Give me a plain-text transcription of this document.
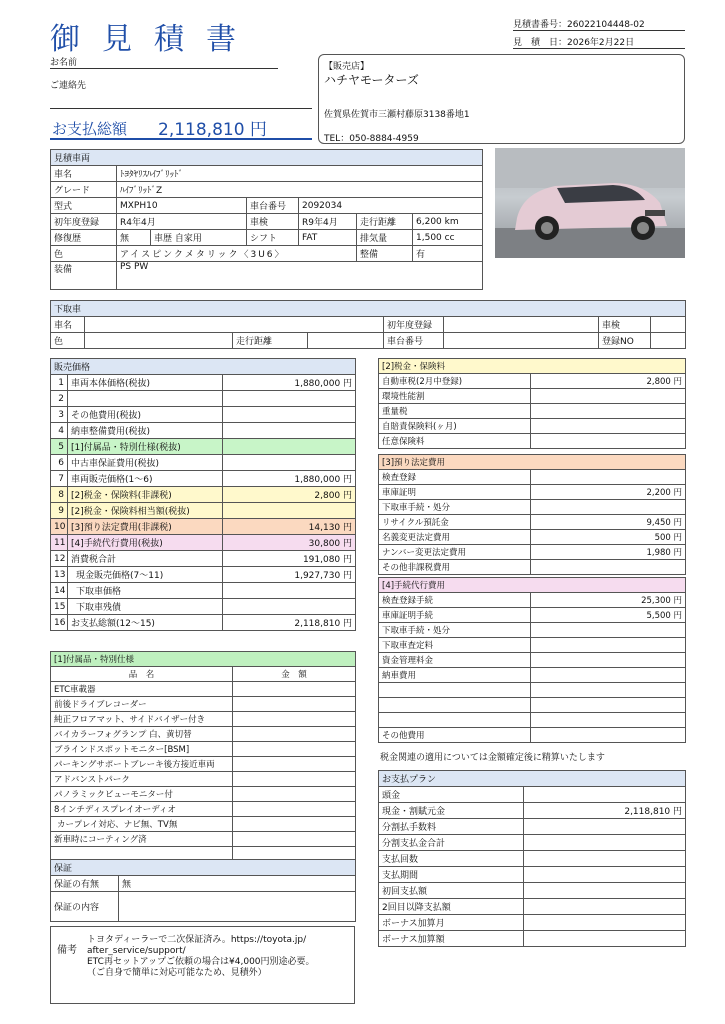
御見積書	見積書番号：26022104448-02
見　積　日：2026年2月22日
お名前
ご連絡先
お支払総額 2,118,810 円
【販売店】
ハチヤモーターズ
佐賀県佐賀市三瀬村藤原3138番地1
TEL：050-8884-4959
見積車両						
車名	ﾄﾖﾀﾔﾘｽﾊｲﾌﾞﾘｯﾄﾞ					
グレード	ﾊｲﾌﾞﾘｯﾄﾞZ					
型式	MXPH10		車台番号	2092034		
初年度登録	R4年4月		車検	R9年4月	走行距離	6,200 km
修復歴	無	車歴 自家用	シフト	FAT	排気量	1,500 cc
色	アイスピンクメタリック〈3U6〉				整備	有
装備	PS PW					
下取車							
車名				初年度登録		車検	
色		走行距離		車台番号		登録NO	
販売価格		
1	車両本体価格(税抜)	1,880,000 円
2		
3	その他費用(税抜)	
4	納車整備費用(税抜)	
5	[1]付属品・特別仕様(税抜)	
6	中古車保証費用(税抜)	
7	車両販売価格(1〜6)	1,880,000 円
8	[2]税金・保険料(非課税)	2,800 円
9	[2]税金・保険料相当額(税抜)	
10	[3]預り法定費用(非課税)	14,130 円
11	[4]手続代行費用(税抜)	30,800 円
12	消費税合計	191,080 円
13	現金販売価格(7〜11)	1,927,730 円
14	下取車価格	
15	下取車残債	
16	お支払総額(12〜15)	2,118,810 円
[1]付属品・特別仕様	
品　名	金　額
ETC車載器	
前後ドライブレコーダー	
純正フロアマット、サイドバイザー付き	
バイカラーフォグランプ 白、黄切替	
ブラインドスポットモニター[BSM]	
パーキングサポートブレーキ後方接近車両	
アドバンストパーク	
パノラミックビューモニター付	
8インチディスプレイオーディオ	
カープレイ対応、ナビ無、TV無	
新車時にコーティング済	

保証	
保証の有無	無
保証の内容	
備考
トヨタディーラーで二次保証済み。https://toyota.jp/
after_service/support/
ETC再セットアップご依頼の場合は¥4,000円別途必要。
（ご自身で簡単に対応可能なため、見積外）
[2]税金・保険料	
自動車税(2月中登録)	2,800 円
環境性能割	
重量税	
自賠責保険料(ヶ月)	
任意保険料	
[3]預り法定費用	
検査登録	
車庫証明	2,200 円
下取車手続・処分	
リサイクル預託金	9,450 円
名義変更法定費用	500 円
ナンバー変更法定費用	1,980 円
その他非課税費用	
[4]手続代行費用	
検査登録手続	25,300 円
車庫証明手続	5,500 円
下取車手続・処分	
下取車査定料	
資金管理料金	
納車費用	

その他費用	
税金関連の適用については金額確定後に精算いたします
お支払プラン	
頭金	
現金・割賦元金	2,118,810 円
分割払手数料	
分割支払金合計	
支払回数	
支払期間	
初回支払額	
2回目以降支払額	
ボーナス加算月	
ボーナス加算額	
